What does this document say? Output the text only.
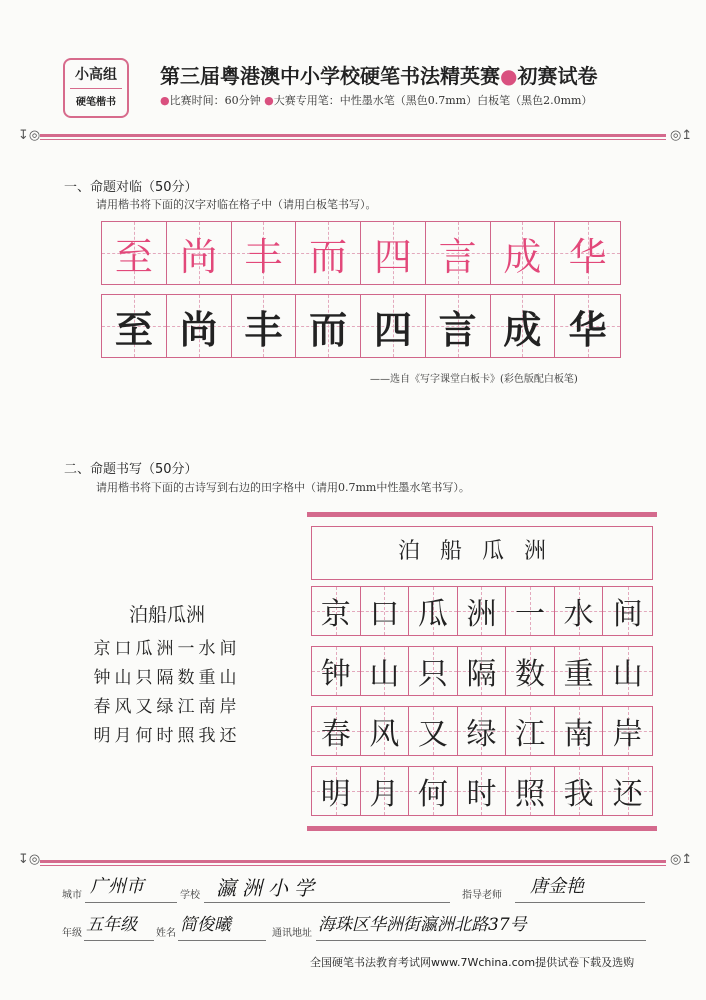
小高组
硬笔楷书
第三届粤港澳中小学校硬笔书法精英赛●初赛试卷
●比赛时间：60分钟 ●大赛专用笔：中性墨水笔（黑色0.7mm）白板笔（黑色2.0mm）
↧◎	◎↥
一、命题对临（50分）
请用楷书将下面的汉字对临在格子中（请用白板笔书写）。
至 尚 丰 而 四 言 成 华
至 尚 丰 而 四 言 成 华
——选自《写字课堂白板卡》(彩色版配白板笔)
二、命题书写（50分）
请用楷书将下面的古诗写到右边的田字格中（请用0.7mm中性墨水笔书写）。
泊船瓜洲
京口瓜洲一水间
钟山只隔数重山
春风又绿江南岸
明月何时照我还
泊船瓜洲
京 口 瓜 洲 一 水 间
钟 山 只 隔 数 重 山
春 风 又 绿 江 南 岸
明 月 何 时 照 我 还
↧◎	◎↥
城市 广州市	学校 瀛洲小学	指导老师 唐金艳
年级 五年级 姓名 简俊曦	通讯地址 海珠区华洲街瀛洲北路37号
全国硬笔书法教育考试网www.7Wchina.com提供试卷下载及选购
